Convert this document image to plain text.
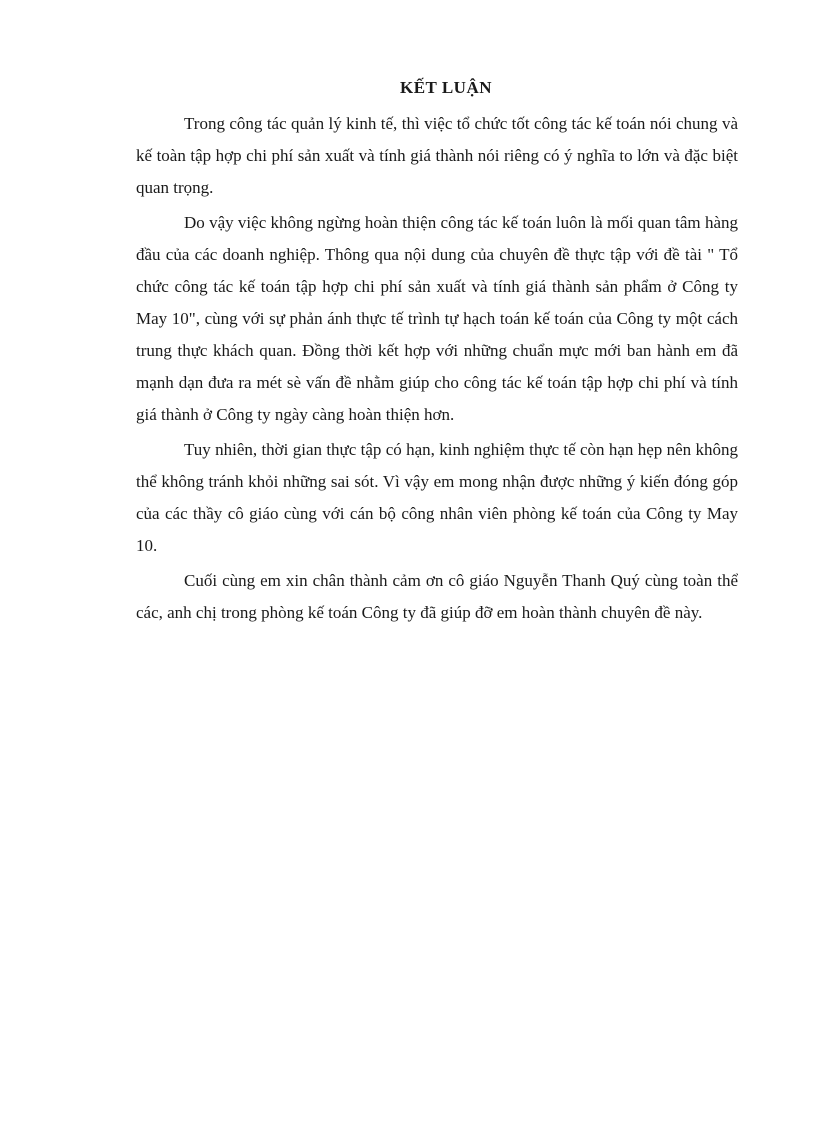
KẾT LUẬN

Trong công tác quản lý kinh tế, thì việc tổ chức tốt công tác kế toán nói chung và kế toàn tập hợp chi phí sản xuất và tính giá thành nói riêng có ý nghĩa to lớn và đặc biệt quan trọng.

Do vậy việc không ngừng hoàn thiện công tác kế toán luôn là mối quan tâm hàng đầu của các doanh nghiệp. Thông qua nội dung của chuyên đề thực tập với đề tài " Tổ chức công tác kế toán tập hợp chi phí sản xuất và tính giá thành sản phẩm ở Công ty May 10", cùng với sự phản ánh thực tế trình tự hạch toán kế toán của Công ty một cách trung thực khách quan. Đồng thời kết hợp với những chuẩn mực mới ban hành em đã mạnh dạn đưa ra mét sè vấn đề nhằm giúp cho công tác kế toán tập hợp chi phí và tính giá thành ở Công ty ngày càng hoàn thiện hơn.

Tuy nhiên, thời gian thực tập có hạn, kinh nghiệm thực tế còn hạn hẹp nên không thể không tránh khỏi những sai sót. Vì vậy em mong nhận được những ý kiến đóng góp của các thầy cô giáo cùng với cán bộ công nhân viên phòng kế toán của Công ty May 10.

Cuối cùng em xin chân thành cảm ơn cô giáo Nguyễn Thanh Quý cùng toàn thể các, anh chị trong phòng kế toán Công ty đã giúp đỡ em hoàn thành chuyên đề này.
